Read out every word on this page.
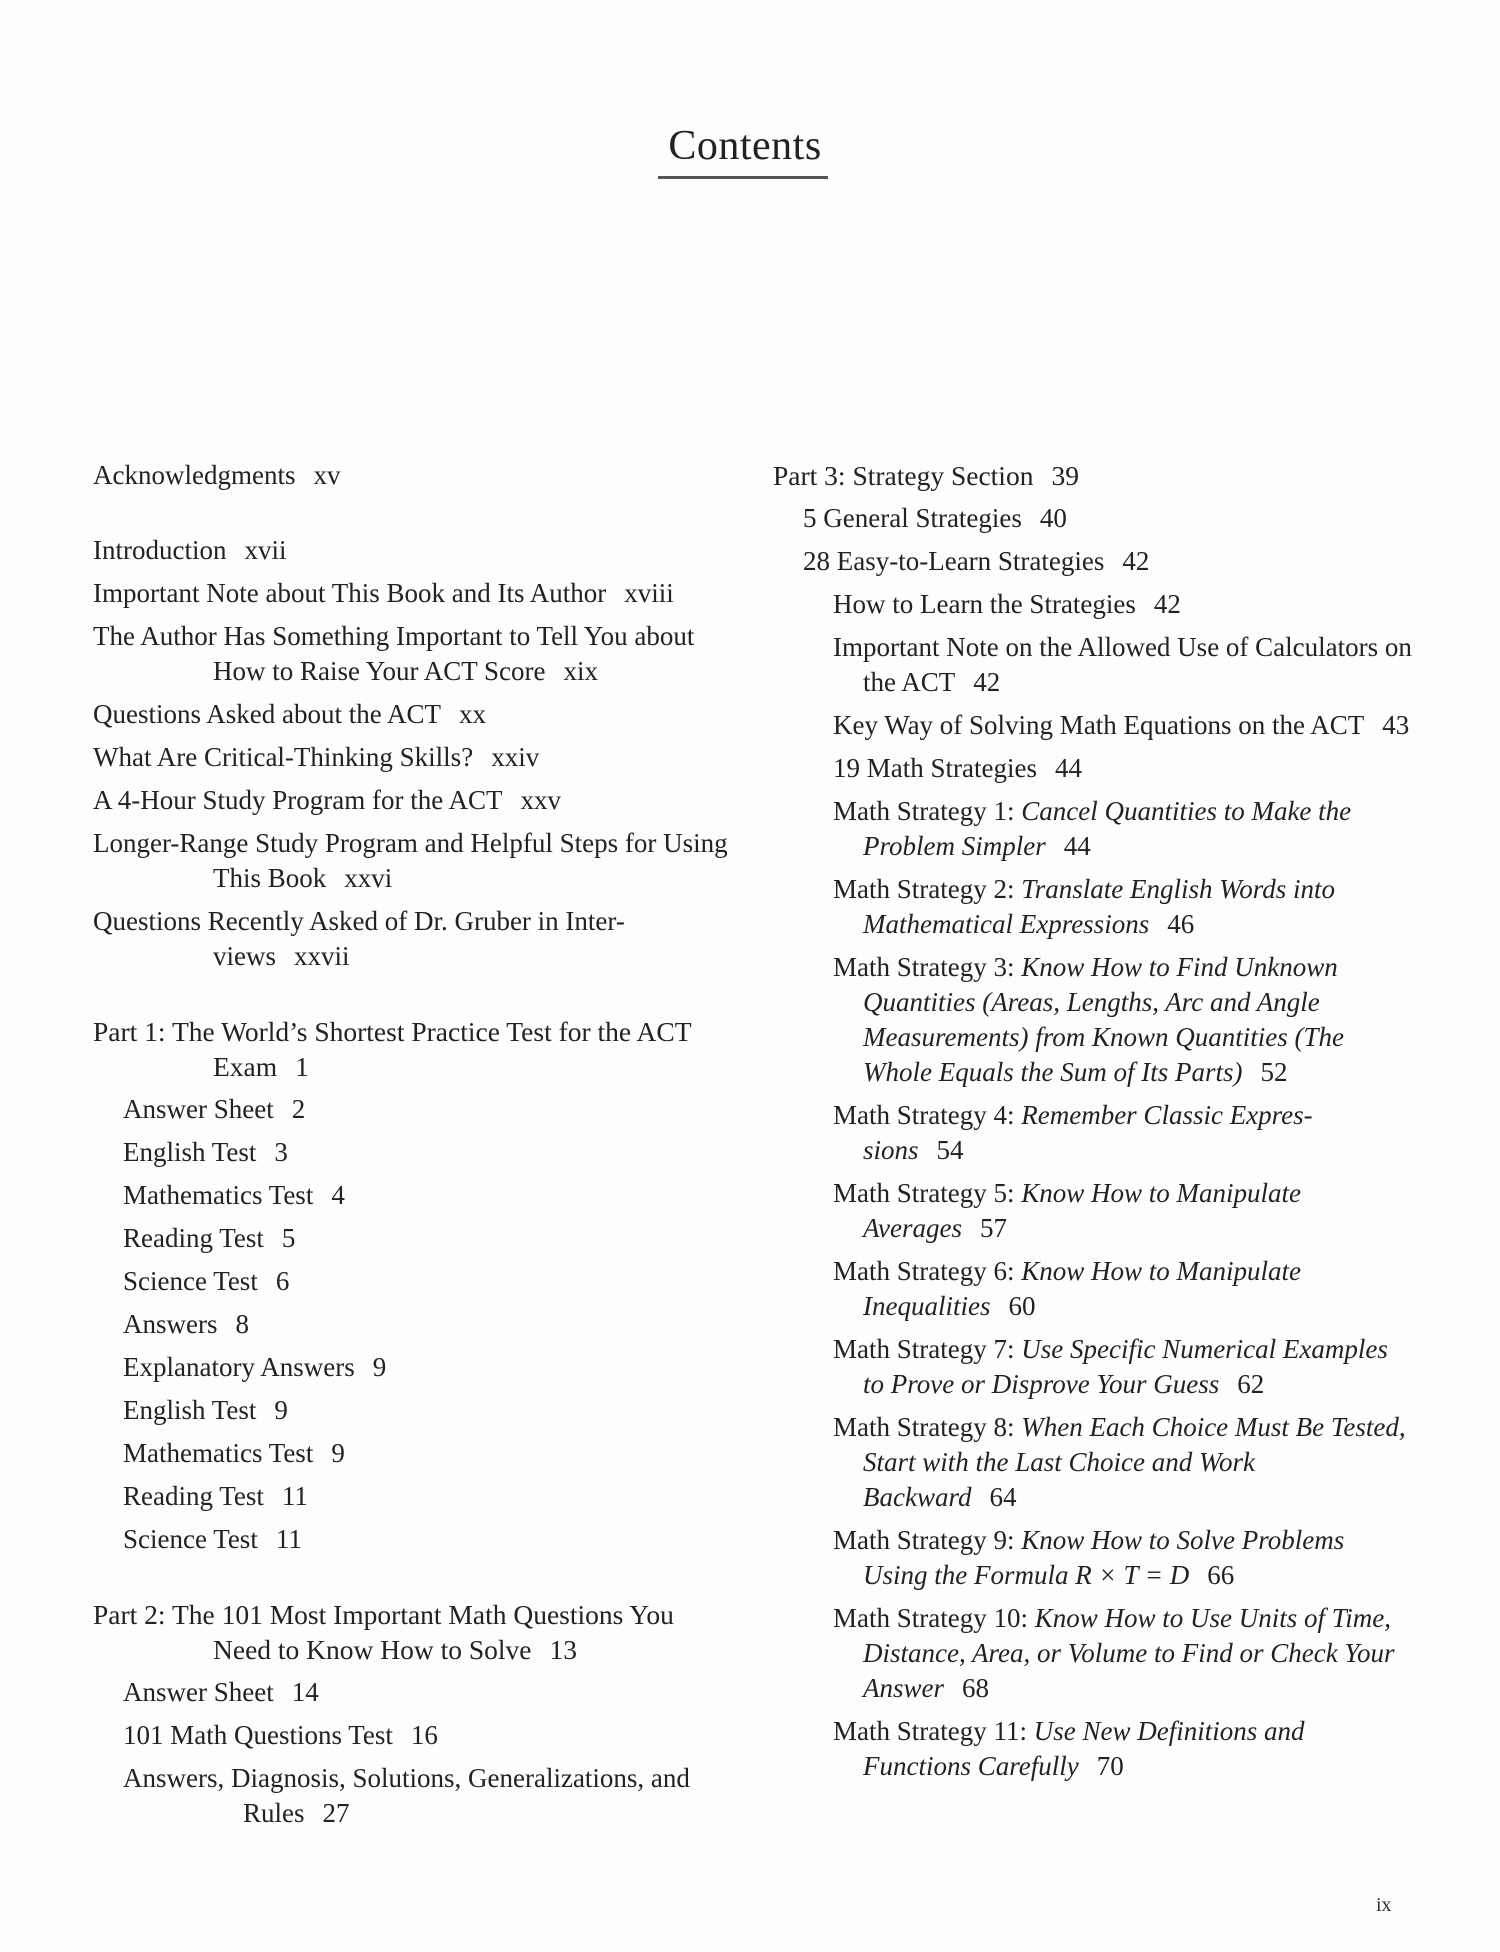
Contents
Acknowledgments xv
Introduction xvii
Important Note about This Book and Its Author xviii
The Author Has Something Important to Tell You about How to Raise Your ACT Score xix
Questions Asked about the ACT xx
What Are Critical-Thinking Skills? xxiv
A 4-Hour Study Program for the ACT xxv
Longer-Range Study Program and Helpful Steps for Using This Book xxvi
Questions Recently Asked of Dr. Gruber in Inter-views xxvii
Part 1: The World’s Shortest Practice Test for the ACT Exam 1
Answer Sheet 2
English Test 3
Mathematics Test 4
Reading Test 5
Science Test 6
Answers 8
Explanatory Answers 9
English Test 9
Mathematics Test 9
Reading Test 11
Science Test 11
Part 2: The 101 Most Important Math Questions You Need to Know How to Solve 13
Answer Sheet 14
101 Math Questions Test 16
Answers, Diagnosis, Solutions, Generalizations, and Rules 27
Part 3: Strategy Section 39
5 General Strategies 40
28 Easy-to-Learn Strategies 42
How to Learn the Strategies 42
Important Note on the Allowed Use of Calculators on the ACT 42
Key Way of Solving Math Equations on the ACT 43
19 Math Strategies 44
Math Strategy 1: Cancel Quantities to Make the Problem Simpler 44
Math Strategy 2: Translate English Words into Mathematical Expressions 46
Math Strategy 3: Know How to Find Unknown Quantities (Areas, Lengths, Arc and Angle Measurements) from Known Quantities (The Whole Equals the Sum of Its Parts) 52
Math Strategy 4: Remember Classic Expres-sions 54
Math Strategy 5: Know How to Manipulate Averages 57
Math Strategy 6: Know How to Manipulate Inequalities 60
Math Strategy 7: Use Specific Numerical Examples to Prove or Disprove Your Guess 62
Math Strategy 8: When Each Choice Must Be Tested, Start with the Last Choice and Work Backward 64
Math Strategy 9: Know How to Solve Problems Using the Formula R × T = D 66
Math Strategy 10: Know How to Use Units of Time, Distance, Area, or Volume to Find or Check Your Answer 68
Math Strategy 11: Use New Definitions and Functions Carefully 70
ix
